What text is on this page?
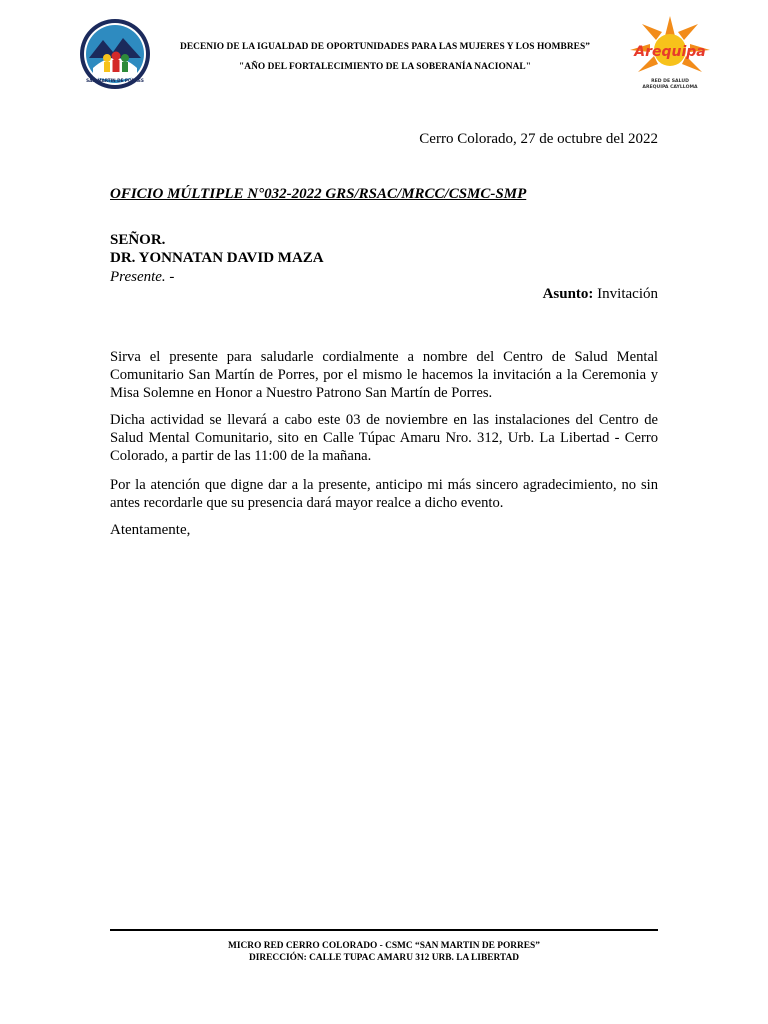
SAN MARTIN DE PORRES
DECENIO DE LA IGUALDAD DE OPORTUNIDADES PARA LAS MUJERES Y LOS HOMBRES”
"AÑO DEL FORTALECIMIENTO DE LA SOBERANÍA NACIONAL"
Arequipa
RED DE SALUD
AREQUIPA CAYLLOMA
Cerro Colorado, 27 de octubre del 2022
OFICIO MÚLTIPLE N°032-2022 GRS/RSAC/MRCC/CSMC-SMP
SEÑOR.
DR. YONNATAN DAVID MAZA
Presente. -
Asunto: Invitación
Sirva el presente para saludarle cordialmente a nombre del Centro de Salud Mental Comunitario San Martín de Porres, por el mismo le hacemos la invitación a la Ceremonia y Misa Solemne en Honor a Nuestro Patrono San Martín de Porres.
Dicha actividad se llevará a cabo este 03 de noviembre en las instalaciones del Centro de Salud Mental Comunitario, sito en Calle Túpac Amaru Nro. 312, Urb. La Libertad - Cerro Colorado, a partir de las 11:00 de la mañana.
Por la atención que digne dar a la presente, anticipo mi más sincero agradecimiento, no sin antes recordarle que su presencia dará mayor realce a dicho evento.
Atentamente,
MICRO RED CERRO COLORADO - CSMC “SAN MARTIN DE PORRES”
DIRECCIÓN: CALLE TUPAC AMARU 312 URB. LA LIBERTAD
